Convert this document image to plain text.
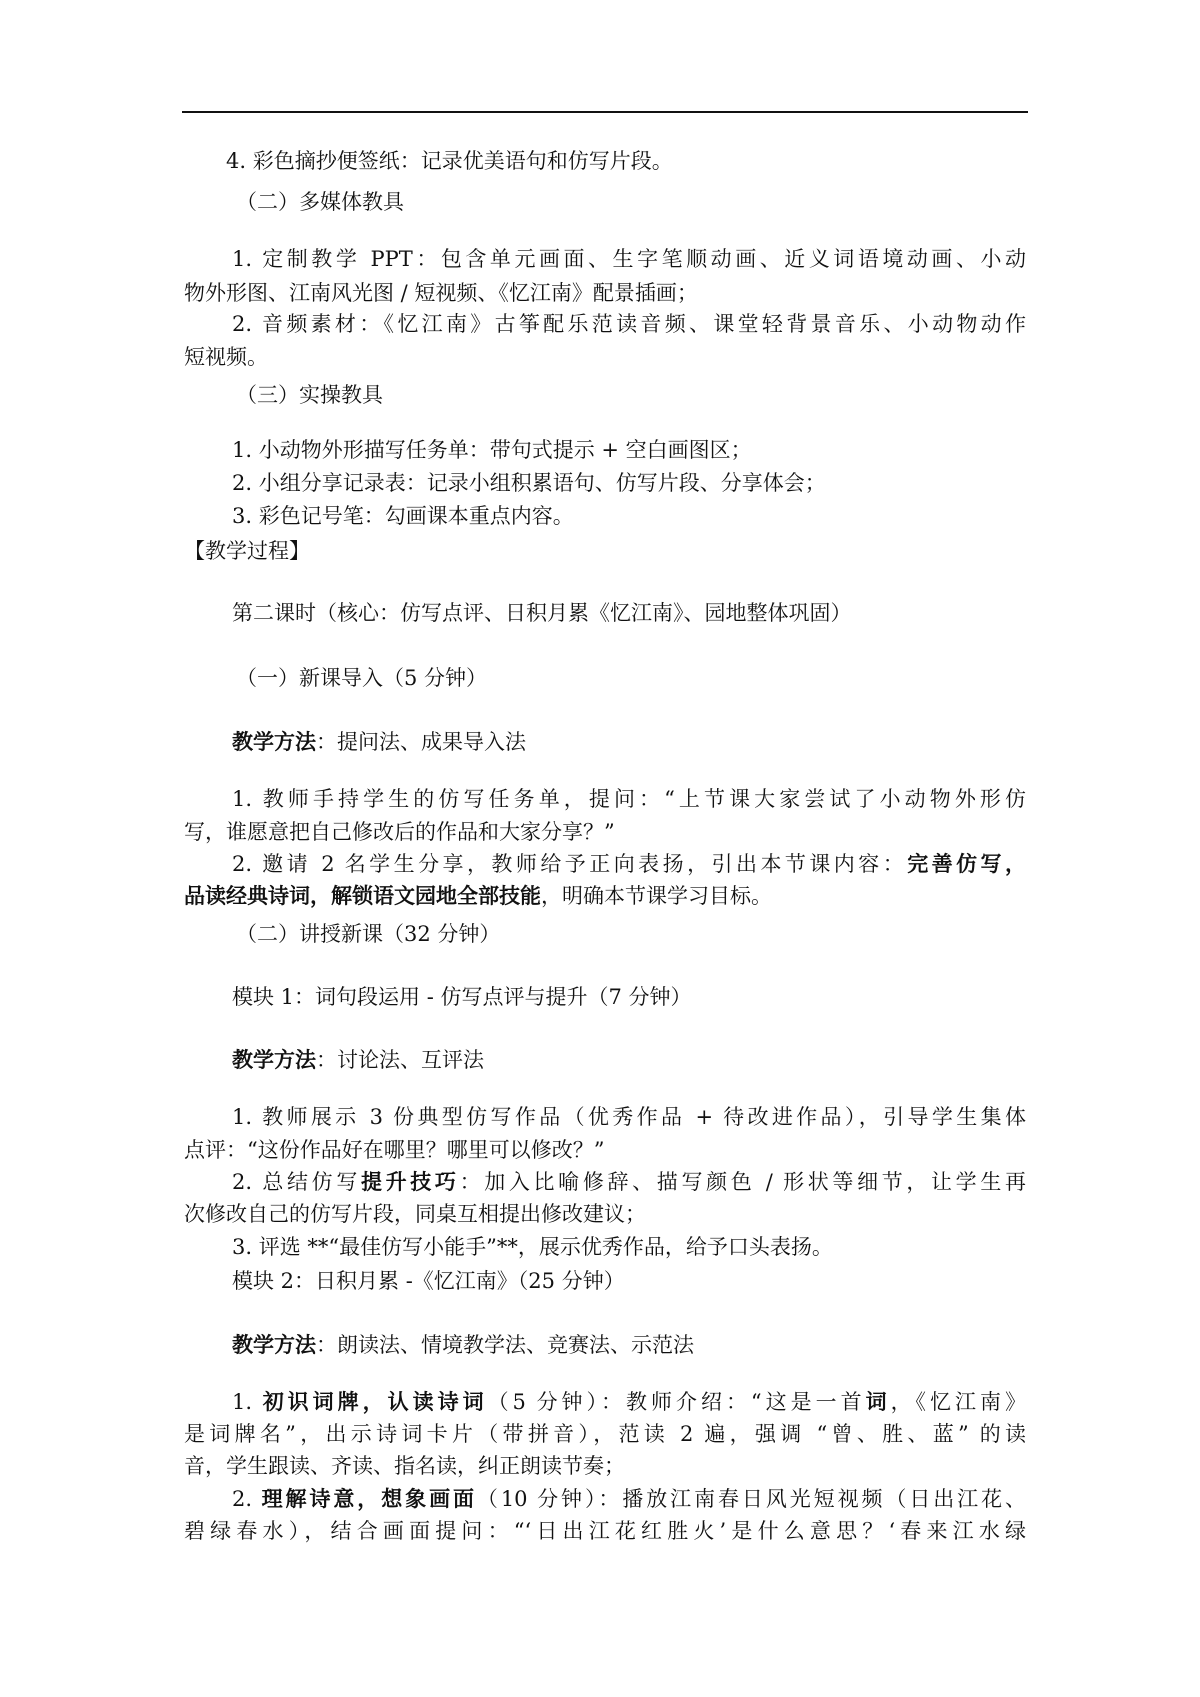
4. 彩色摘抄便签纸：记录优美语句和仿写片段。
（二）多媒体教具
1. 定制教学 PPT：包含单元画面、生字笔顺动画、近义词语境动画、小动
物外形图、江南风光图 / 短视频、《忆江南》配景插画；
2. 音频素材：《忆江南》古筝配乐范读音频、课堂轻背景音乐、小动物动作
短视频。
（三）实操教具
1. 小动物外形描写任务单：带句式提示 + 空白画图区；
2. 小组分享记录表：记录小组积累语句、仿写片段、分享体会；
3. 彩色记号笔：勾画课本重点内容。
【教学过程】
第二课时（核心：仿写点评、日积月累《忆江南》、园地整体巩固）
（一）新课导入（5 分钟）
教学方法：提问法、成果导入法
1. 教师手持学生的仿写任务单，提问：“上节课大家尝试了小动物外形仿
写，谁愿意把自己修改后的作品和大家分享？”
2. 邀请 2 名学生分享，教师给予正向表扬，引出本节课内容：完善仿写，
品读经典诗词，解锁语文园地全部技能，明确本节课学习目标。
（二）讲授新课（32 分钟）
模块 1：词句段运用 - 仿写点评与提升（7 分钟）
教学方法：讨论法、互评法
1. 教师展示 3 份典型仿写作品（优秀作品 + 待改进作品），引导学生集体
点评：“这份作品好在哪里？哪里可以修改？”
2. 总结仿写提升技巧：加入比喻修辞、描写颜色 / 形状等细节，让学生再
次修改自己的仿写片段，同桌互相提出修改建议；
3. 评选 **“最佳仿写小能手”**，展示优秀作品，给予口头表扬。
模块 2：日积月累 -《忆江南》（25 分钟）
教学方法：朗读法、情境教学法、竞赛法、示范法
1. 初识词牌，认读诗词（5 分钟）：教师介绍：“这是一首词，《忆江南》
是词牌名”，出示诗词卡片（带拼音），范读 2 遍，强调 “曾、胜、蓝” 的读
音，学生跟读、齐读、指名读，纠正朗读节奏；
2. 理解诗意，想象画面（10 分钟）：播放江南春日风光短视频（日出江花、
碧绿春水），结合画面提问：“‘日出江花红胜火’是什么意思？‘春来江水绿
